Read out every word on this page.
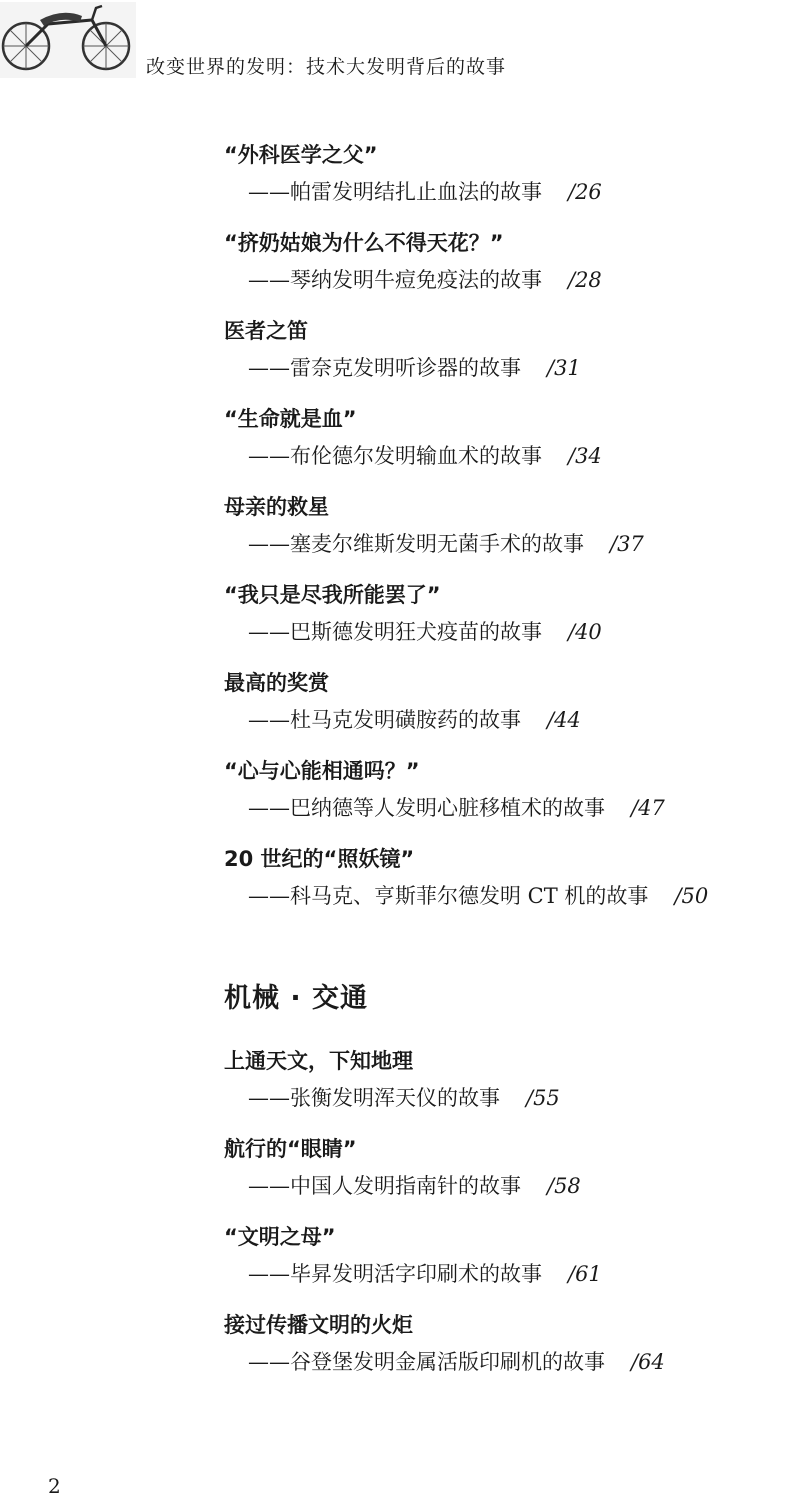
改变世界的发明：技术大发明背后的故事
“外科医学之父”
——帕雷发明结扎止血法的故事 /26
“挤奶姑娘为什么不得天花？”
——琴纳发明牛痘免疫法的故事 /28
医者之笛
——雷奈克发明听诊器的故事 /31
“生命就是血”
——布伦德尔发明输血术的故事 /34
母亲的救星
——塞麦尔维斯发明无菌手术的故事 /37
“我只是尽我所能罢了”
——巴斯德发明狂犬疫苗的故事 /40
最高的奖赏
——杜马克发明磺胺药的故事 /44
“心与心能相通吗？”
——巴纳德等人发明心脏移植术的故事 /47
20 世纪的“照妖镜”
——科马克、亨斯菲尔德发明 CT 机的故事 /50
机械 · 交通
上通天文，下知地理
——张衡发明浑天仪的故事 /55
航行的“眼睛”
——中国人发明指南针的故事 /58
“文明之母”
——毕昇发明活字印刷术的故事 /61
接过传播文明的火炬
——谷登堡发明金属活版印刷机的故事 /64
2
